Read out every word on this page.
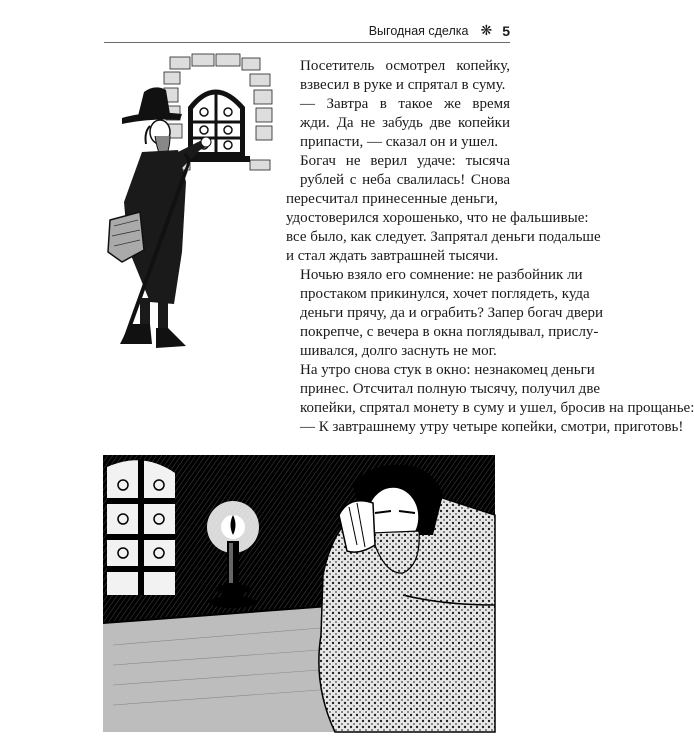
Выгодная сделка ❋ 5

Посетитель осмотрел копейку,
взвесил в руке и спрятал в суму.

— Завтра в такое же время
жди. Да не забудь две копейки
припасти, — сказал он и ушел.

Богач не верил удаче: тысяча
рублей с неба свалилась! Снова

пересчитал принесенные деньги,
удостоверился хорошенько, что не фальшивые:
все было, как следует. Запрятал деньги подальше
и стал ждать завтрашней тысячи.

Ночью взяло его сомнение: не разбойник ли
простаком прикинулся, хочет поглядеть, куда
деньги прячу, да и ограбить? Запер богач двери
покрепче, с вечера в окна поглядывал, прислу-
шивался, долго заснуть не мог.

На утро снова стук в окно: незнакомец деньги
принес. Отсчитал полную тысячу, получил две
копейки, спрятал монету в суму и ушел, бросив на прощанье:

— К завтрашнему утру четыре копейки, смотри, приготовь!
